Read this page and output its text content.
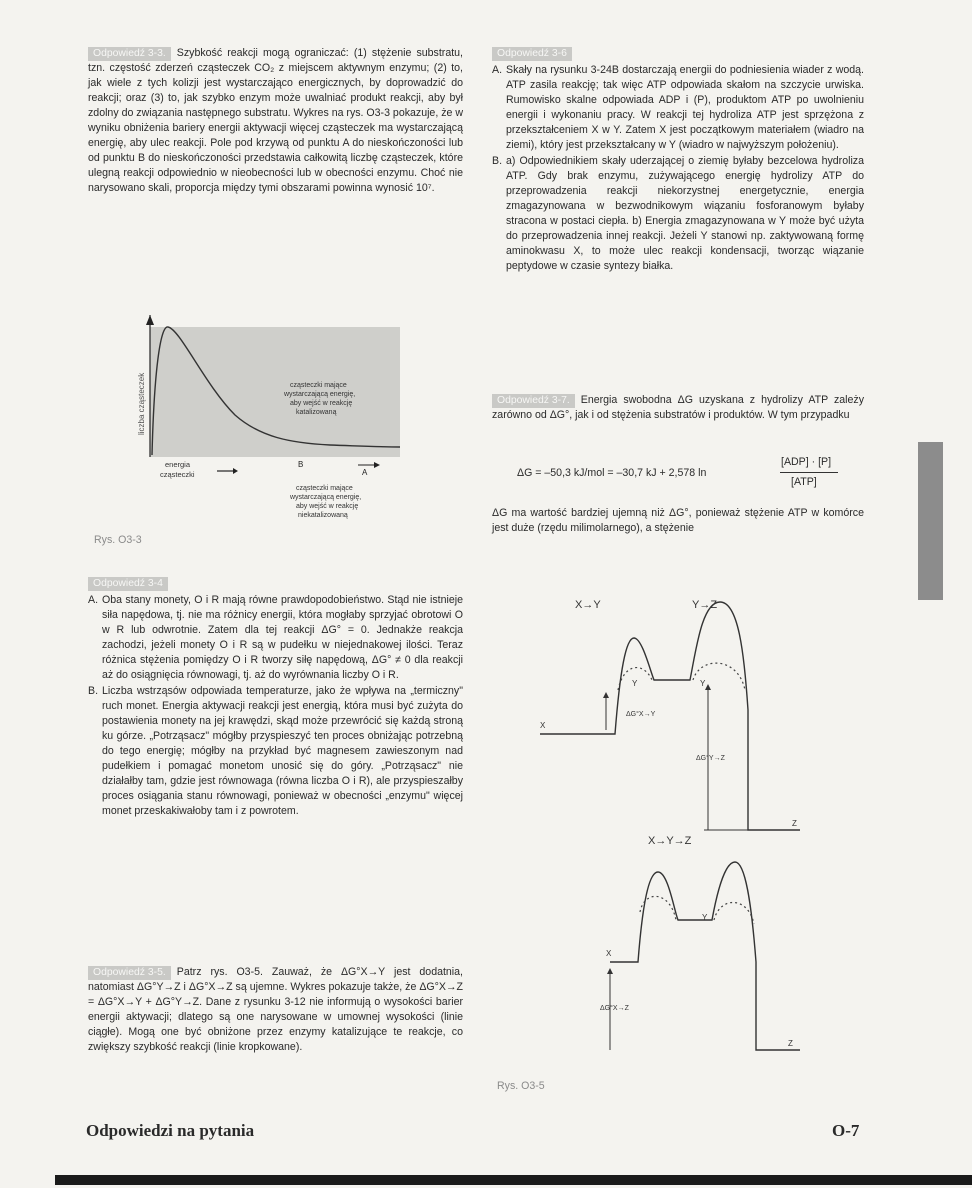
Odpowiedź 3-3. Szybkość reakcji mogą ograniczać: (1) stężenie substratu, tzn. częstość zderzeń cząsteczek CO₂ z miejscem aktywnym enzymu; (2) to, jak wiele z tych kolizji jest wystarczająco energicznych, by doprowadzić do reakcji; oraz (3) to, jak szybko enzym może uwalniać produkt reakcji, aby był zdolny do związania następnego substratu. Wykres na rys. O3-3 pokazuje, że w wyniku obniżenia bariery energii aktywacji więcej cząsteczek ma wystarczającą energię, aby ulec reakcji. Pole pod krzywą od punktu A do nieskończoności lub od punktu B do nieskończoności przedstawia całkowitą liczbę cząsteczek, które ulegną reakcji odpowiednio w nieobecności lub w obecności enzymu. Choć nie narysowano skali, proporcja między tymi obszarami powinna wynosić 10⁷.

liczba cząsteczek	cząsteczki mające
wystarczającą energię,
aby wejść w reakcję
katalizowaną
energia
cząsteczki
B
A
cząsteczki mające
wystarczającą energię,
aby wejść w reakcję
niekatalizowaną
Rys. O3-3

Odpowiedź 3-4

A. Oba stany monety, O i R mają równe prawdopodobieństwo. Stąd nie istnieje siła napędowa, tj. nie ma różnicy energii, która mogłaby sprzyjać obrotowi O w R lub odwrotnie. Zatem dla tej reakcji ΔG° = 0. Jednakże reakcja zachodzi, jeżeli monety O i R są w pudełku w niejednakowej ilości. Teraz różnica stężenia pomiędzy O i R tworzy siłę napędową, ΔG° ≠ 0 dla reakcji aż do osiągnięcia równowagi, tj. aż do wyrównania liczby O i R.
B. Liczba wstrząsów odpowiada temperaturze, jako że wpływa na „termiczny" ruch monet. Energia aktywacji reakcji jest energią, która musi być zużyta do postawienia monety na jej krawędzi, skąd może przewrócić się każdą stroną ku górze. „Potrząsacz" mógłby przyspieszyć ten proces obniżając potrzebną do tego energię; mógłby na przykład być magnesem zawieszonym nad pudełkiem i pomagać monetom unosić się do góry. „Potrząsacz" nie działałby tam, gdzie jest równowaga (równa liczba O i R), ale przyspieszałby proces osiągania stanu równowagi, ponieważ w obecności „enzymu" więcej monet przeskakiwałoby tam i z powrotem.

Odpowiedź 3-5. Patrz rys. O3-5. Zauważ, że ΔG°X→Y jest dodatnia, natomiast ΔG°Y→Z i ΔG°X→Z są ujemne. Wykres pokazuje także, że ΔG°X→Z = ΔG°X→Y + ΔG°Y→Z. Dane z rysunku 3-12 nie informują o wysokości barier energii aktywacji; dlatego są one narysowane w umownej wysokości (linie ciągłe). Mogą one być obniżone przez enzymy katalizujące te reakcje, co zwiększy szybkość reakcji (linie kropkowane).

Odpowiedź 3-6

A. Skały na rysunku 3-24B dostarczają energii do podniesienia wiader z wodą. ATP zasila reakcję; tak więc ATP odpowiada skałom na szczycie urwiska. Rumowisko skalne odpowiada ADP i (P), produktom ATP po uwolnieniu energii i wykonaniu pracy. W reakcji tej hydroliza ATP jest sprzężona z przekształceniem X w Y. Zatem X jest początkowym materiałem (wiadro na ziemi), który jest przekształcany w Y (wiadro w najwyższym położeniu).
B. a) Odpowiednikiem skały uderzającej o ziemię byłaby bezcelowa hydroliza ATP. Gdy brak enzymu, zużywającego energię hydrolizy ATP do przeprowadzenia reakcji niekorzystnej energetycznie, energia zmagazynowana w bezwodnikowym wiązaniu fosforanowym byłaby stracona w postaci ciepła. b) Energia zmagazynowana w Y może być użyta do przeprowadzenia innej reakcji. Jeżeli Y stanowi np. zaktywowaną formę aminokwasu X, to może ulec reakcji kondensacji, tworząc wiązanie peptydowe w czasie syntezy białka.

Odpowiedź 3-7. Energia swobodna ΔG uzyskana z hydrolizy ATP zależy zarówno od ΔG°, jak i od stężenia substratów i produktów. W tym przypadku

ΔG = –50,3 kJ/mol = –30,7 kJ + 2,578 ln
[ADP] · [P]
[ATP]

ΔG ma wartość bardziej ujemną niż ΔG°, ponieważ stężenie ATP w komórce jest duże (rzędu milimolarnego), a stężenie

X→Y	Y→Z
X
Y	Y
Z
ΔG°X→Y
ΔG°Y→Z
X→Y→Z
X
Y
Z
ΔG°X→Z
Rys. O3-5
Odpowiedzi na pytania	O-7
